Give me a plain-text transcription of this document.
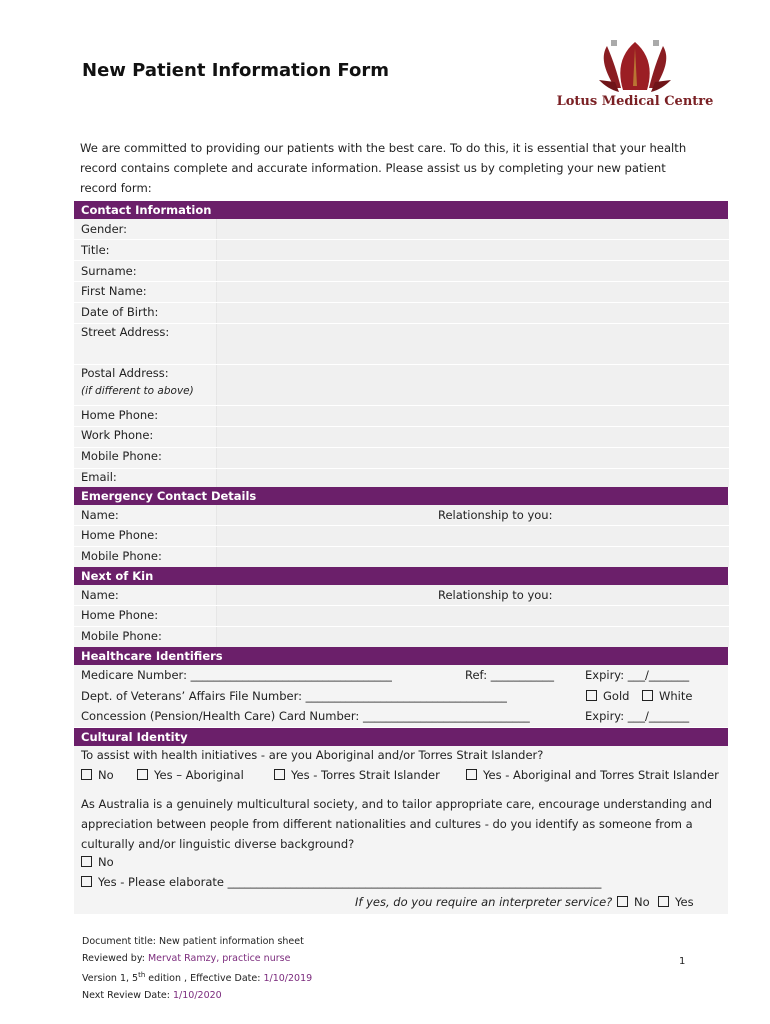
New Patient Information Form
Lotus Medical Centre
We are committed to providing our patients with the best care. To do this, it is essential that your health record contains complete and accurate information. Please assist us by completing your new patient record form:
Contact Information
Gender:
Title:
Surname:
First Name:
Date of Birth:
Street Address:
Postal Address:
(if different to above)
Home Phone:
Work Phone:
Mobile Phone:
Email:
Emergency Contact Details
Name:	Relationship to you:
Home Phone:
Mobile Phone:
Next of Kin
Name:	Relationship to you:
Home Phone:
Mobile Phone:
Healthcare Identifiers
Medicare Number: ___________________________________	Ref: ___________	Expiry: ___/_______
Dept. of Veterans’ Affairs File Number: ___________________________________	Gold	White
Concession (Pension/Health Care) Card Number: _____________________________	Expiry: ___/_______
Cultural Identity
To assist with health initiatives - are you Aboriginal and/or Torres Strait Islander?
No	Yes – Aboriginal	Yes - Torres Strait Islander	Yes - Aboriginal and Torres Strait Islander
As Australia is a genuinely multicultural society, and to tailor appropriate care, encourage understanding and appreciation between people from different nationalities and cultures - do you identify as someone from a culturally and/or linguistic diverse background?
No
Yes - Please elaborate _________________________________________________________________
If yes, do you require an interpreter service?	No	Yes
Document title: New patient information sheet
Reviewed by: Mervat Ramzy, practice nurse
Version 1, 5th edition , Effective Date: 1/10/2019
Next Review Date: 1/10/2020
1
